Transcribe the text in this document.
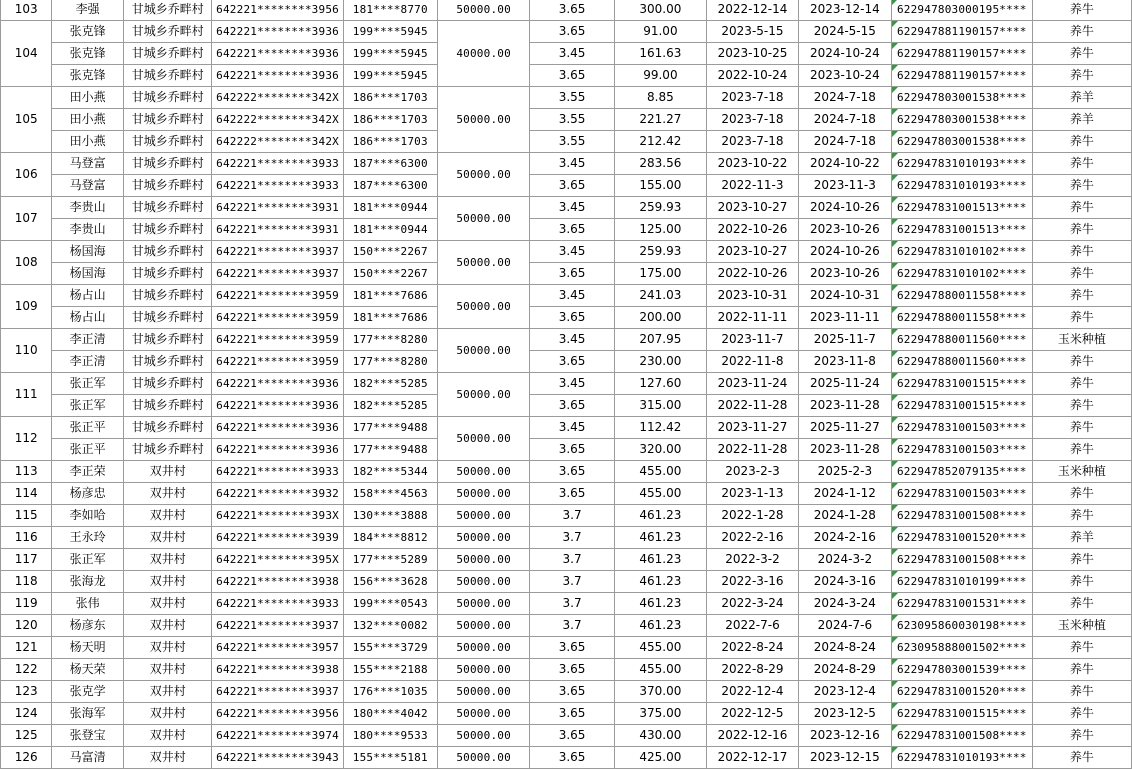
103	李强	甘城乡乔畔村	642221********3956	181****8770	50000.00	3.65	300.00	2022-12-14	2023-12-14	622947803000195****	养牛
104	张克锋	甘城乡乔畔村	642221********3936	199****5945	40000.00	3.65	91.00	2023-5-15	2024-5-15	622947881190157****	养牛
	张克锋	甘城乡乔畔村	642221********3936	199****5945		3.45	161.63	2023-10-25	2024-10-24	622947881190157****	养牛
	张克锋	甘城乡乔畔村	642221********3936	199****5945		3.65	99.00	2022-10-24	2023-10-24	622947881190157****	养牛
105	田小燕	甘城乡乔畔村	642222********342X	186****1703	50000.00	3.55	8.85	2023-7-18	2024-7-18	622947803001538****	养羊
	田小燕	甘城乡乔畔村	642222********342X	186****1703		3.55	221.27	2023-7-18	2024-7-18	622947803001538****	养羊
	田小燕	甘城乡乔畔村	642222********342X	186****1703		3.55	212.42	2023-7-18	2024-7-18	622947803001538****	养牛
106	马登富	甘城乡乔畔村	642221********3933	187****6300	50000.00	3.45	283.56	2023-10-22	2024-10-22	622947831010193****	养牛
	马登富	甘城乡乔畔村	642221********3933	187****6300		3.65	155.00	2022-11-3	2023-11-3	622947831010193****	养牛
107	李贵山	甘城乡乔畔村	642221********3931	181****0944	50000.00	3.45	259.93	2023-10-27	2024-10-26	622947831001513****	养牛
	李贵山	甘城乡乔畔村	642221********3931	181****0944		3.65	125.00	2022-10-26	2023-10-26	622947831001513****	养牛
108	杨国海	甘城乡乔畔村	642221********3937	150****2267	50000.00	3.45	259.93	2023-10-27	2024-10-26	622947831010102****	养牛
	杨国海	甘城乡乔畔村	642221********3937	150****2267		3.65	175.00	2022-10-26	2023-10-26	622947831010102****	养牛
109	杨占山	甘城乡乔畔村	642221********3959	181****7686	50000.00	3.45	241.03	2023-10-31	2024-10-31	622947880011558****	养牛
	杨占山	甘城乡乔畔村	642221********3959	181****7686		3.65	200.00	2022-11-11	2023-11-11	622947880011558****	养牛
110	李正清	甘城乡乔畔村	642221********3959	177****8280	50000.00	3.45	207.95	2023-11-7	2025-11-7	622947880011560****	玉米种植
	李正清	甘城乡乔畔村	642221********3959	177****8280		3.65	230.00	2022-11-8	2023-11-8	622947880011560****	养牛
111	张正军	甘城乡乔畔村	642221********3936	182****5285	50000.00	3.45	127.60	2023-11-24	2025-11-24	622947831001515****	养牛
	张正军	甘城乡乔畔村	642221********3936	182****5285		3.65	315.00	2022-11-28	2023-11-28	622947831001515****	养牛
112	张正平	甘城乡乔畔村	642221********3936	177****9488	50000.00	3.45	112.42	2023-11-27	2025-11-27	622947831001503****	养牛
	张正平	甘城乡乔畔村	642221********3936	177****9488		3.65	320.00	2022-11-28	2023-11-28	622947831001503****	养牛
113	李正荣	双井村	642221********3933	182****5344	50000.00	3.65	455.00	2023-2-3	2025-2-3	622947852079135****	玉米种植
114	杨彦忠	双井村	642221********3932	158****4563	50000.00	3.65	455.00	2023-1-13	2024-1-12	622947831001503****	养牛
115	李如哈	双井村	642221********393X	130****3888	50000.00	3.7	461.23	2022-1-28	2024-1-28	622947831001508****	养牛
116	王永玲	双井村	642221********3939	184****8812	50000.00	3.7	461.23	2022-2-16	2024-2-16	622947831001520****	养羊
117	张正军	双井村	642221********395X	177****5289	50000.00	3.7	461.23	2022-3-2	2024-3-2	622947831001508****	养牛
118	张海龙	双井村	642221********3938	156****3628	50000.00	3.7	461.23	2022-3-16	2024-3-16	622947831010199****	养牛
119	张伟	双井村	642221********3933	199****0543	50000.00	3.7	461.23	2022-3-24	2024-3-24	622947831001531****	养牛
120	杨彦东	双井村	642221********3937	132****0082	50000.00	3.7	461.23	2022-7-6	2024-7-6	623095860030198****	玉米种植
121	杨天明	双井村	642221********3957	155****3729	50000.00	3.65	455.00	2022-8-24	2024-8-24	623095888001502****	养牛
122	杨天荣	双井村	642221********3938	155****2188	50000.00	3.65	455.00	2022-8-29	2024-8-29	622947803001539****	养牛
123	张克学	双井村	642221********3937	176****1035	50000.00	3.65	370.00	2022-12-4	2023-12-4	622947831001520****	养牛
124	张海军	双井村	642221********3956	180****4042	50000.00	3.65	375.00	2022-12-5	2023-12-5	622947831001515****	养牛
125	张登宝	双井村	642221********3974	180****9533	50000.00	3.65	430.00	2022-12-16	2023-12-16	622947831001508****	养牛
126	马富清	双井村	642221********3943	155****5181	50000.00	3.65	425.00	2022-12-17	2023-12-15	622947831010193****	养牛
